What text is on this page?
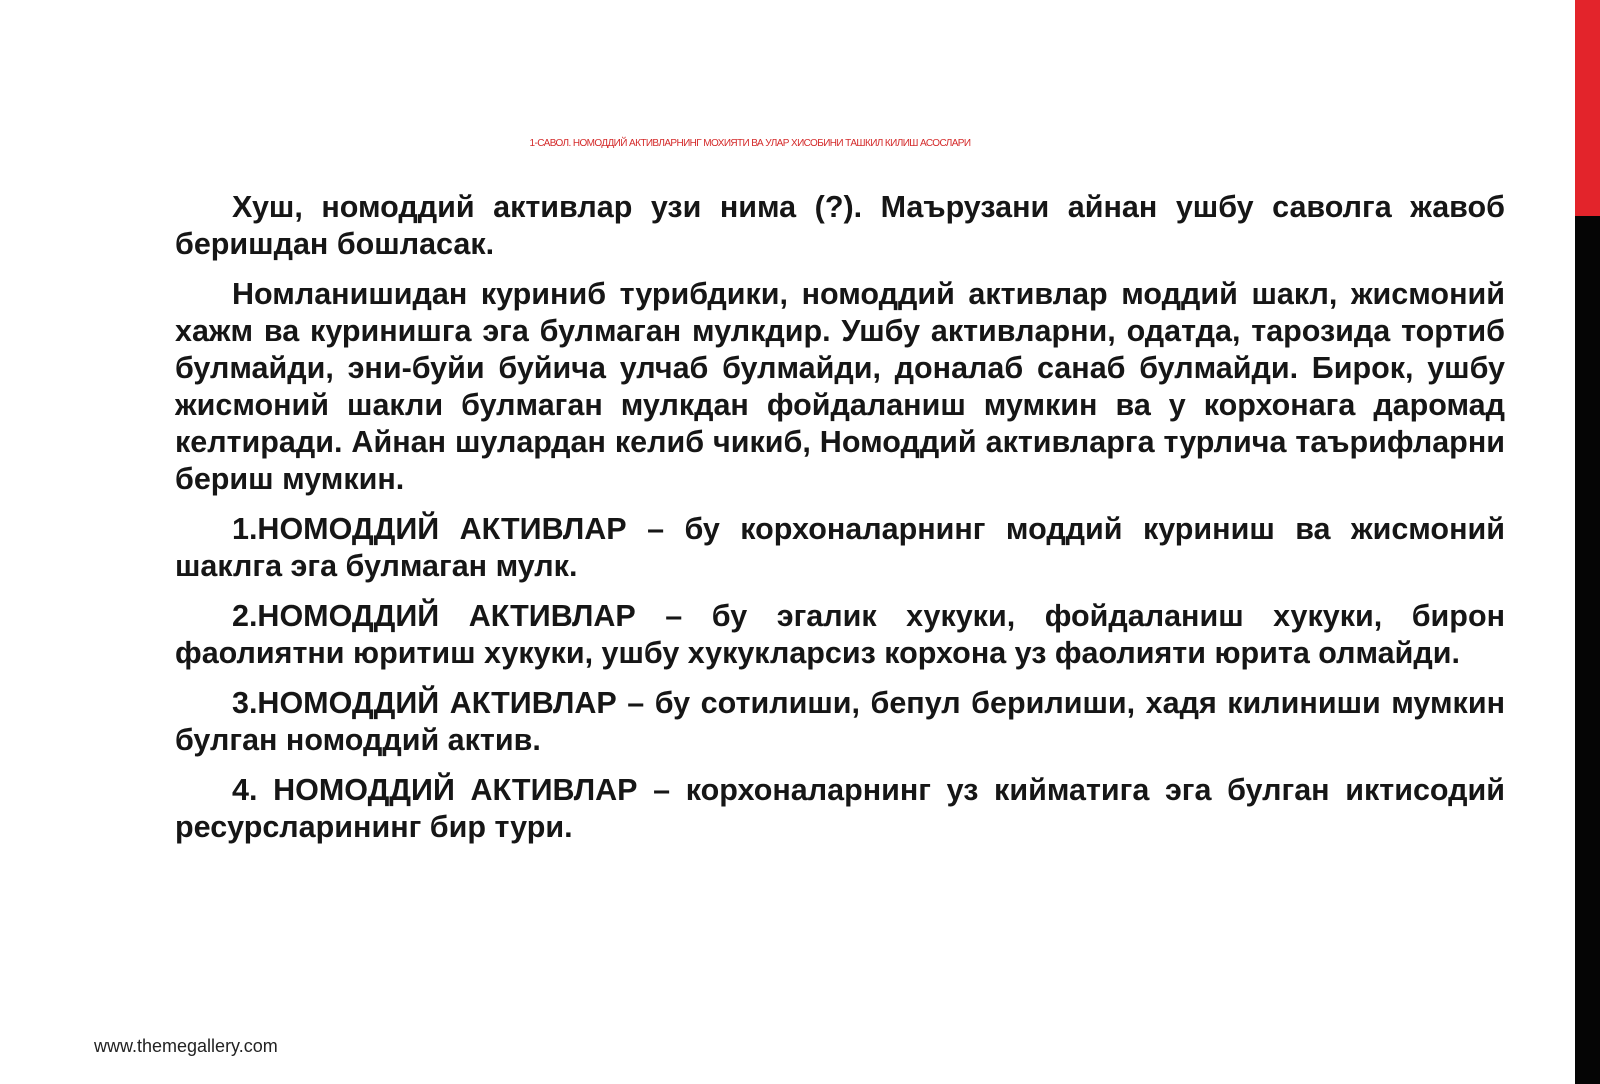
1-САВОЛ. НОМОДДИЙ АКТИВЛАРНИНГ МОХИЯТИ ВА УЛАР ХИСОБИНИ ТАШКИЛ КИЛИШ АСОСЛАРИ

Хуш, номоддий активлар узи нима (?). Маърузани айнан ушбу саволга жавоб беришдан бошласак.

Номланишидан куриниб турибдики, номоддий активлар моддий шакл, жисмоний хажм ва куринишга эга булмаган мулкдир. Ушбу активларни, одатда, тарозида тортиб булмайди, эни-буйи буйича улчаб булмайди, доналаб санаб булмайди. Бирок, ушбу жисмоний шакли булмаган мулкдан фойдаланиш мумкин ва у корхонага даромад келтиради. Айнан шулардан келиб чикиб, Номоддий активларга турлича таърифларни бериш мумкин.

1.НОМОДДИЙ АКТИВЛАР – бу корхоналарнинг моддий куриниш ва жисмоний шаклга эга булмаган мулк.

2.НОМОДДИЙ АКТИВЛАР – бу эгалик хукуки, фойдаланиш хукуки, бирон фаолиятни юритиш хукуки, ушбу хукукларсиз корхона уз фаолияти юрита олмайди.

3.НОМОДДИЙ АКТИВЛАР – бу сотилиши, бепул берилиши, хадя килиниши мумкин булган номоддий актив.

4. НОМОДДИЙ АКТИВЛАР – корхоналарнинг уз кийматига эга булган иктисодий ресурсларининг бир тури.

www.themegallery.com
